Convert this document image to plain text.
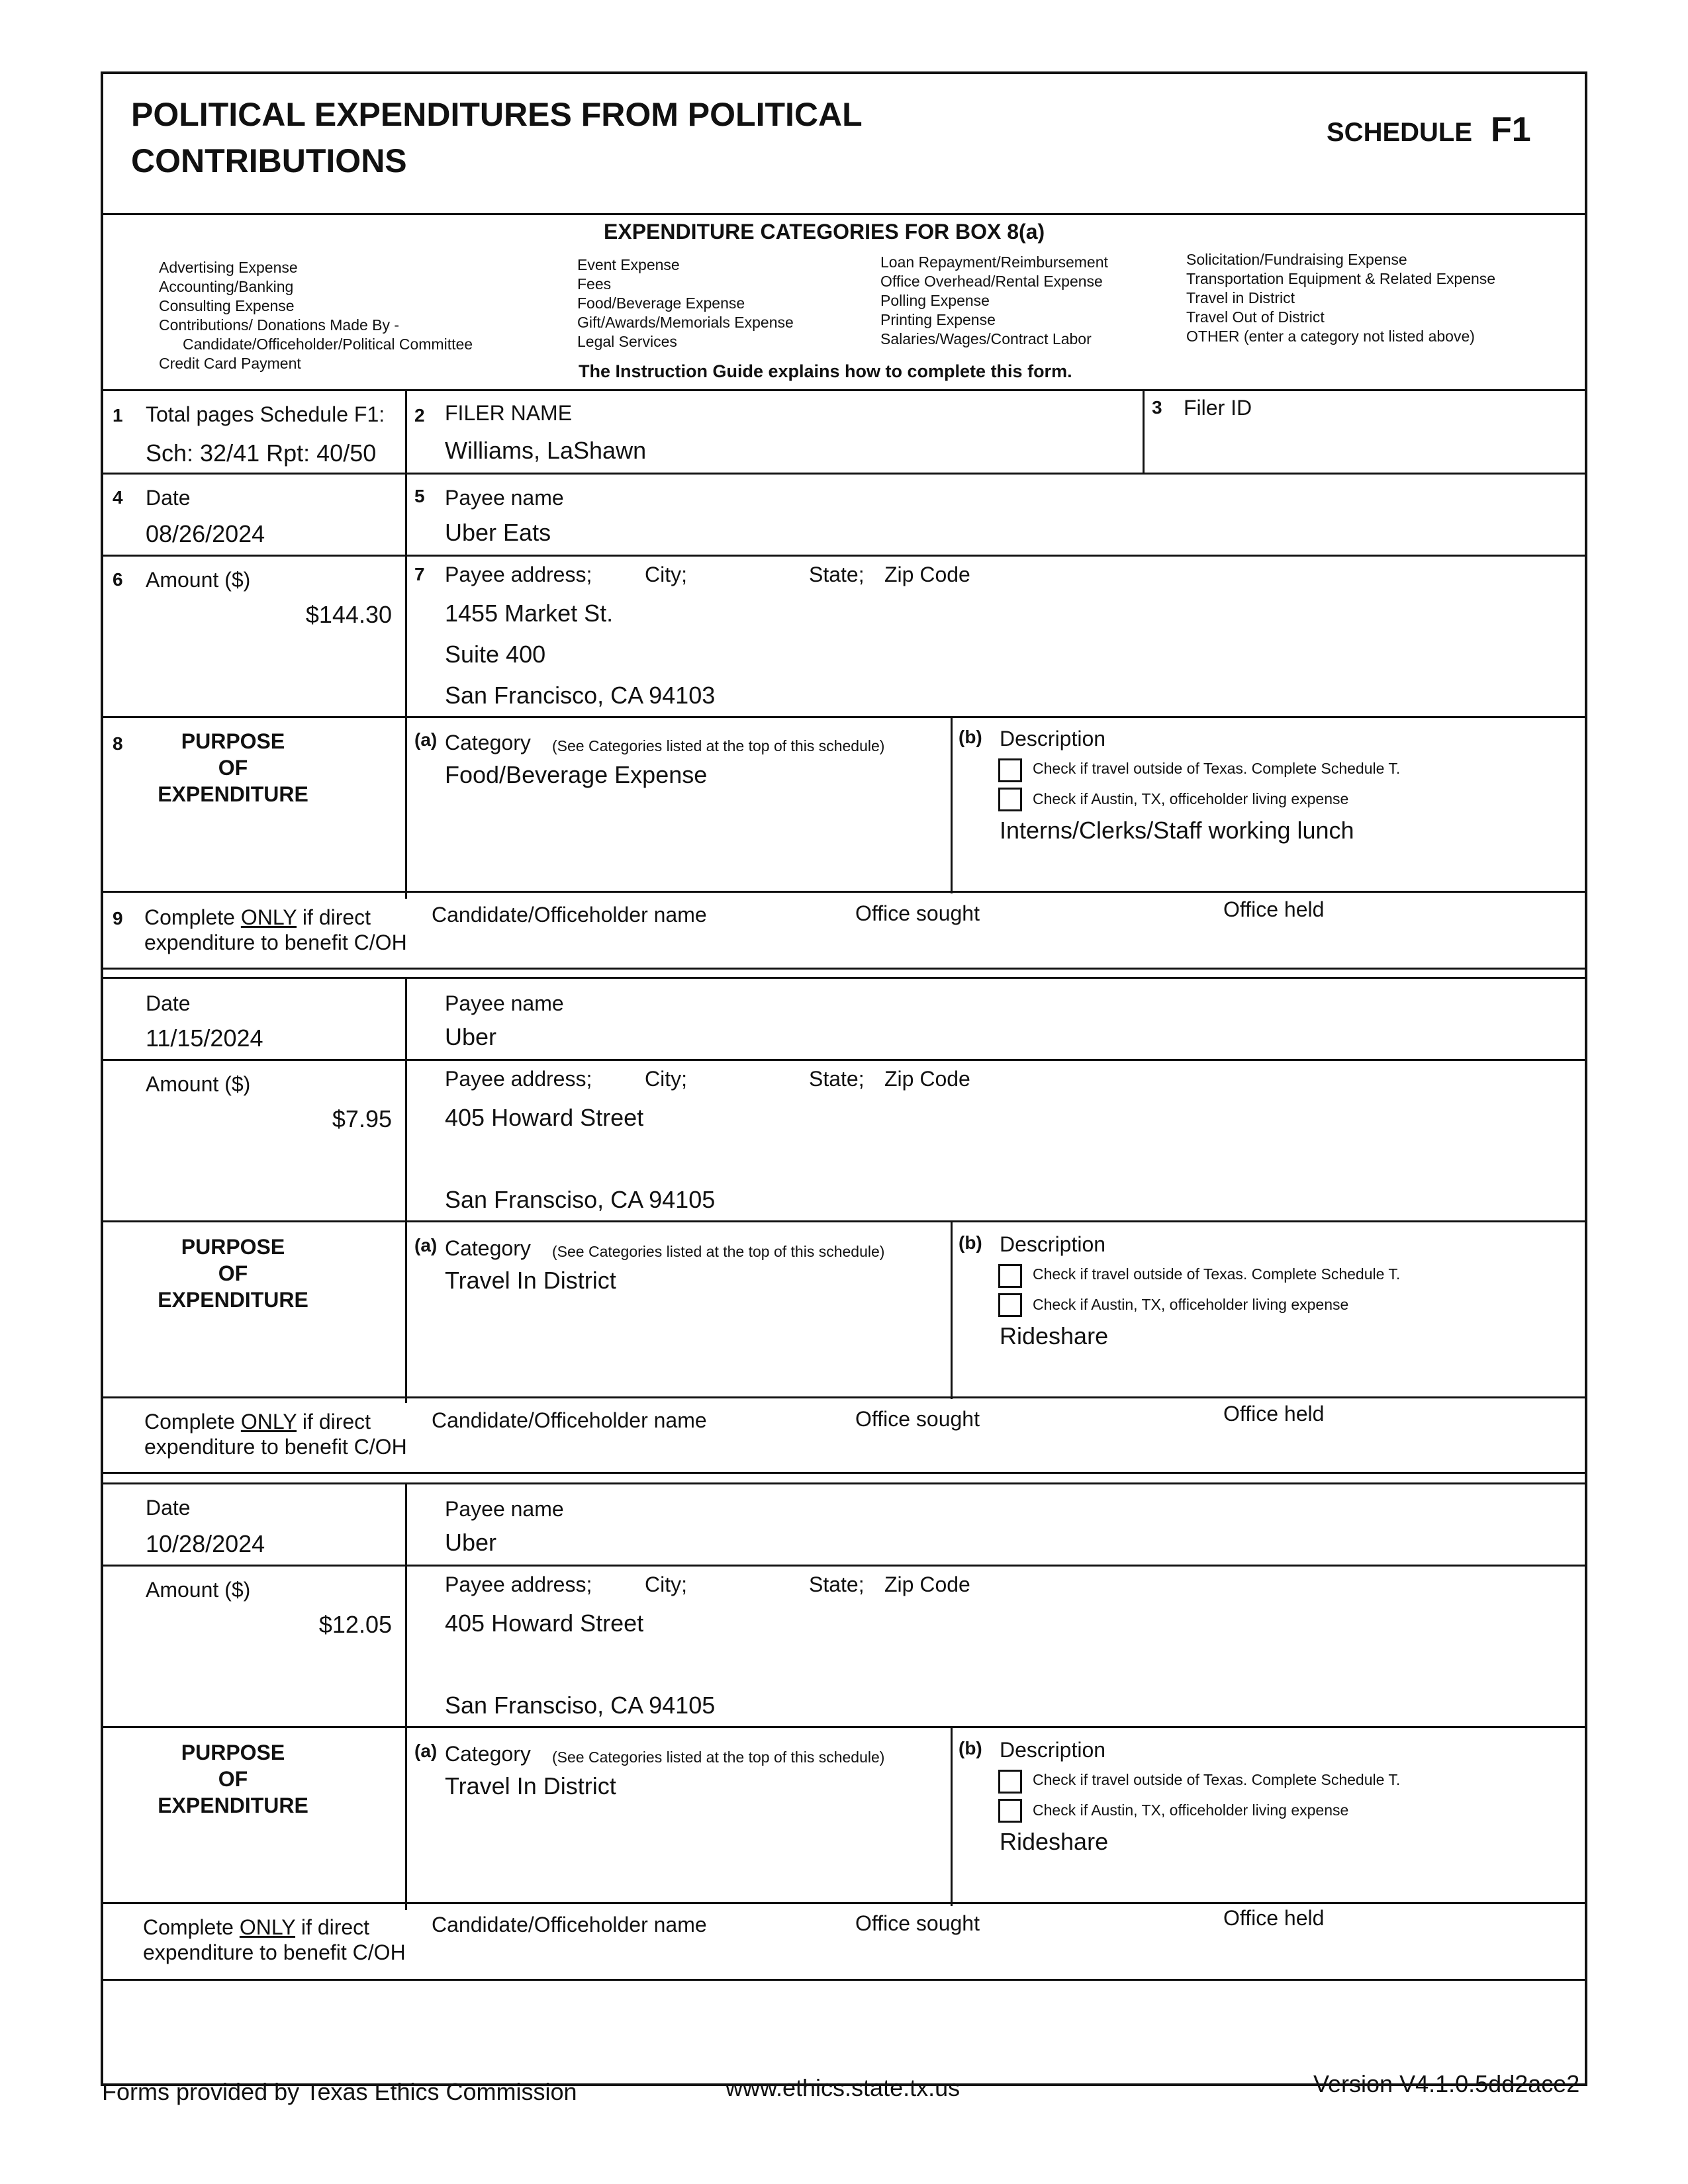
POLITICAL EXPENDITURES FROM POLITICAL
CONTRIBUTIONS
SCHEDULE F1
EXPENDITURE CATEGORIES FOR BOX 8(a)
Advertising Expense
Accounting/Banking
Consulting Expense
Contributions/ Donations Made By -
Candidate/Officeholder/Political Committee
Credit Card Payment
Event Expense
Fees
Food/Beverage Expense
Gift/Awards/Memorials Expense
Legal Services
Loan Repayment/Reimbursement
Office Overhead/Rental Expense
Polling Expense
Printing Expense
Salaries/Wages/Contract Labor
Solicitation/Fundraising Expense
Transportation Equipment & Related Expense
Travel in District
Travel Out of District
OTHER (enter a category not listed above)
The Instruction Guide explains how to complete this form.
1 Total pages Schedule F1:
Sch: 32/41 Rpt: 40/50
2 FILER NAME
Williams, LaShawn
3 Filer ID
4 Date
08/26/2024
5 Payee name
Uber Eats
6 Amount ($)
$144.30
7 Payee address; City;	State; Zip Code
1455 Market St.
Suite 400
San Francisco, CA 94103
8	PURPOSE
OF
EXPENDITURE
(a) Category (See Categories listed at the top of this schedule)
Food/Beverage Expense
(b) Description
Check if travel outside of Texas. Complete Schedule T.
Check if Austin, TX, officeholder living expense
Interns/Clerks/Staff working lunch
9 Complete ONLY if direct
expenditure to benefit C/OH
Candidate/Officeholder name	Office sought	Office held
Date
11/15/2024
Payee name
Uber
Amount ($)
$7.95
Payee address; City;	State; Zip Code
405 Howard Street
San Fransciso, CA 94105
PURPOSE
OF
EXPENDITURE
(a) Category (See Categories listed at the top of this schedule)
Travel In District
(b) Description
Check if travel outside of Texas. Complete Schedule T.
Check if Austin, TX, officeholder living expense
Rideshare
Complete ONLY if direct
expenditure to benefit C/OH
Candidate/Officeholder name	Office sought	Office held
Date
10/28/2024
Payee name
Uber
Amount ($)
$12.05
Payee address; City;	State; Zip Code
405 Howard Street
San Fransciso, CA 94105
PURPOSE
OF
EXPENDITURE
(a) Category (See Categories listed at the top of this schedule)
Travel In District
(b) Description
Check if travel outside of Texas. Complete Schedule T.
Check if Austin, TX, officeholder living expense
Rideshare
Complete ONLY if direct
expenditure to benefit C/OH
Candidate/Officeholder name	Office sought	Office held
Forms provided by Texas Ethics Commission	www.ethics.state.tx.us	Version V4.1.0.5dd2ace2
